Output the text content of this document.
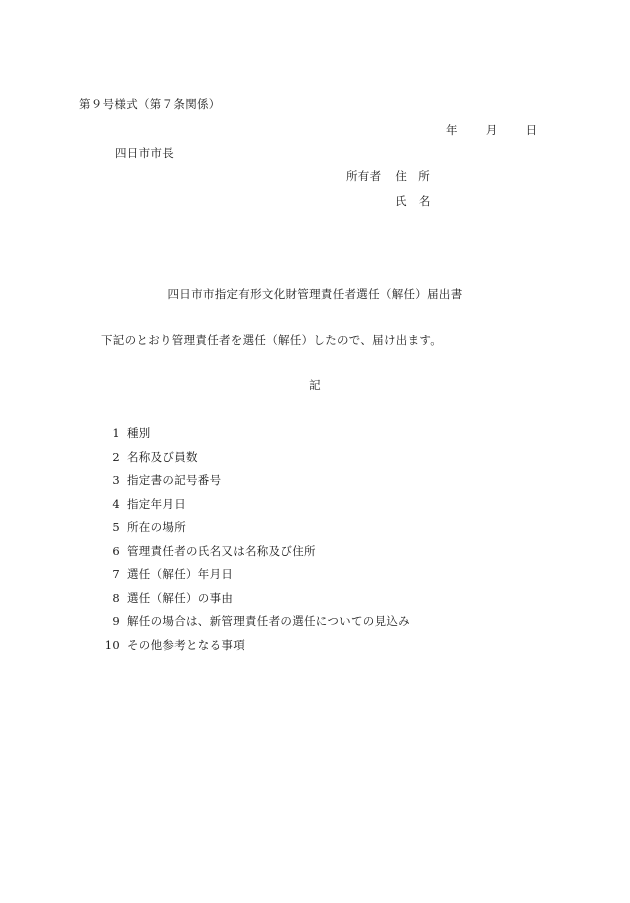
第９号様式（第７条関係）
年 月 日
四日市市長
所有者 住 所
氏 名
四日市市指定有形文化財管理責任者選任（解任）届出書
下記のとおり管理責任者を選任（解任）したので、届け出ます。
記
1 種別
2 名称及び員数
3 指定書の記号番号
4 指定年月日
5 所在の場所
6 管理責任者の氏名又は名称及び住所
7 選任（解任）年月日
8 選任（解任）の事由
9 解任の場合は、新管理責任者の選任についての見込み
10 その他参考となる事項
